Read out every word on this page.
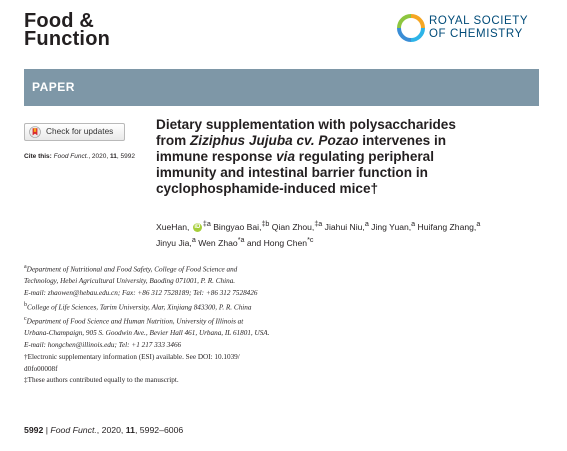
Food &
Function
ROYAL SOCIETY
OF CHEMISTRY
PAPER
Check for updates
Cite this: Food Funct., 2020, 11, 5992
Dietary supplementation with polysaccharides
from Ziziphus Jujuba cv. Pozao intervenes in
immune response via regulating peripheral
immunity and intestinal barrier function in
cyclophosphamide-induced mice†
XueHan, iD $^{\ddagger a}$ Bingyao Bai,$^{\ddagger b}$ Qian Zhou,$^{\ddagger a}$ Jiahui Niu,$^a$ Jing Yuan,$^a$ Huifang Zhang,$^a$
Jinyu Jia,$^a$ Wen Zhao$^{*a}$ and Hong Chen$^{*c}$
$^a$Department of Nutritional and Food Safety, College of Food Science and
Technology, Hebei Agricultural University, Baoding 071001, P. R. China.
E-mail: zhaowen@hebau.edu.cn; Fax: +86 312 7528189; Tel: +86 312 7528426
$^b$College of Life Sciences, Tarim University, Alar, Xinjiang 843300, P. R. China
$^c$Department of Food Science and Human Nutrition, University of Illinois at
Urbana-Champaign, 905 S. Goodwin Ave., Bevier Hall 461, Urbana, IL 61801, USA.
E-mail: hongchen@illinois.edu; Tel: +1 217 333 3466
†Electronic supplementary information (ESI) available. See DOI: 10.1039/
d0fo00008f
‡These authors contributed equally to the manuscript.
5992 | Food Funct., 2020, 11, 5992–6006
